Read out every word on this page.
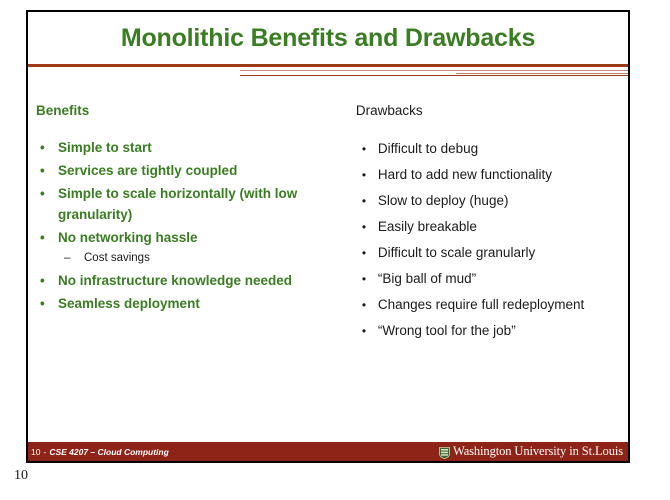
Monolithic Benefits and Drawbacks
Benefits
• Simple to start
• Services are tightly coupled
• Simple to scale horizontally (with low granularity)
• No networking hassle
– Cost savings
• No infrastructure knowledge needed
• Seamless deployment
Drawbacks
• Difficult to debug
• Hard to add new functionality
• Slow to deploy (huge)
• Easily breakable
• Difficult to scale granularly
• “Big ball of mud”
• Changes require full redeployment
• “Wrong tool for the job”
10 - CSE 4207 – Cloud Computing	Washington University in St.Louis
10
